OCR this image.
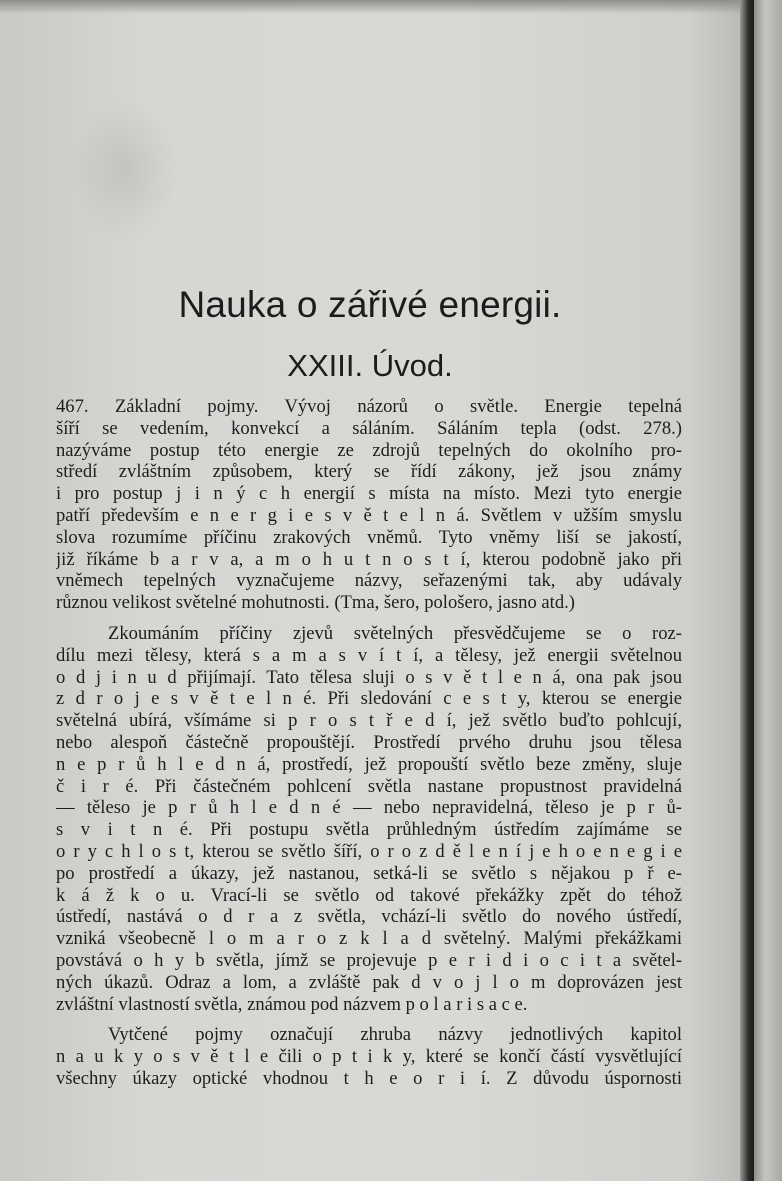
Nauka o zářivé energii.
XXIII. Úvod.
467. Základní pojmy. Vývoj názorů o světle. Energie tepelná
šíří se vedením, konvekcí a sáláním. Sáláním tepla (odst. 278.)
nazýváme postup této energie ze zdrojů tepelných do okolního pro-
středí zvláštním způsobem, který se řídí zákony, jež jsou známy
i pro postup j i n ý c h energií s místa na místo. Mezi tyto energie
patří především e n e r g i e s v ě t e l n á. Světlem v užším smyslu
slova rozumíme příčinu zrakových vněmů. Tyto vněmy liší se jakostí,
již říkáme b a r v a, a m o h u t n o s t í, kterou podobně jako při
vněmech tepelných vyznačujeme názvy, seřazenými tak, aby udávaly
různou velikost světelné mohutnosti. (Tma, šero, pološero, jasno atd.)
Zkoumáním příčiny zjevů světelných přesvědčujeme se o roz-
dílu mezi tělesy, která s a m a s v í t í, a tělesy, jež energii světelnou
o d j i n u d přijímají. Tato tělesa sluji o s v ě t l e n á, ona pak jsou
z d r o j e s v ě t e l n é. Při sledování c e s t y, kterou se energie
světelná ubírá, všímáme si p r o s t ř e d í, jež světlo buďto pohlcují,
nebo alespoň částečně propouštějí. Prostředí prvého druhu jsou tělesa
n e p r ů h l e d n á, prostředí, jež propouští světlo beze změny, sluje
č i r é. Při částečném pohlcení světla nastane propustnost pravidelná
— těleso je p r ů h l e d n é — nebo nepravidelná, těleso je p r ů-
s v i t n é. Při postupu světla průhledným ústředím zajímáme se
o r y c h l o s t, kterou se světlo šíří, o r o z d ě l e n í j e h o e n e g i e
po prostředí a úkazy, jež nastanou, setká-li se světlo s nějakou p ř e-
k á ž k o u. Vrací-li se světlo od takové překážky zpět do téhož
ústředí, nastává o d r a z světla, vchází-li světlo do nového ústředí,
vzniká všeobecně l o m a r o z k l a d světelný. Malými překážkami
povstává o h y b světla, jímž se projevuje p e r i d i o c i t a světel-
ných úkazů. Odraz a lom, a zvláště pak d v o j l o m doprovázen jest
zvláštní vlastností světla, známou pod názvem p o l a r i s a c e.
Vytčené pojmy označují zhruba názvy jednotlivých kapitol
n a u k y o s v ě t l e čili o p t i k y, které se končí částí vysvětlující
všechny úkazy optické vhodnou t h e o r i í. Z důvodu úspornosti
